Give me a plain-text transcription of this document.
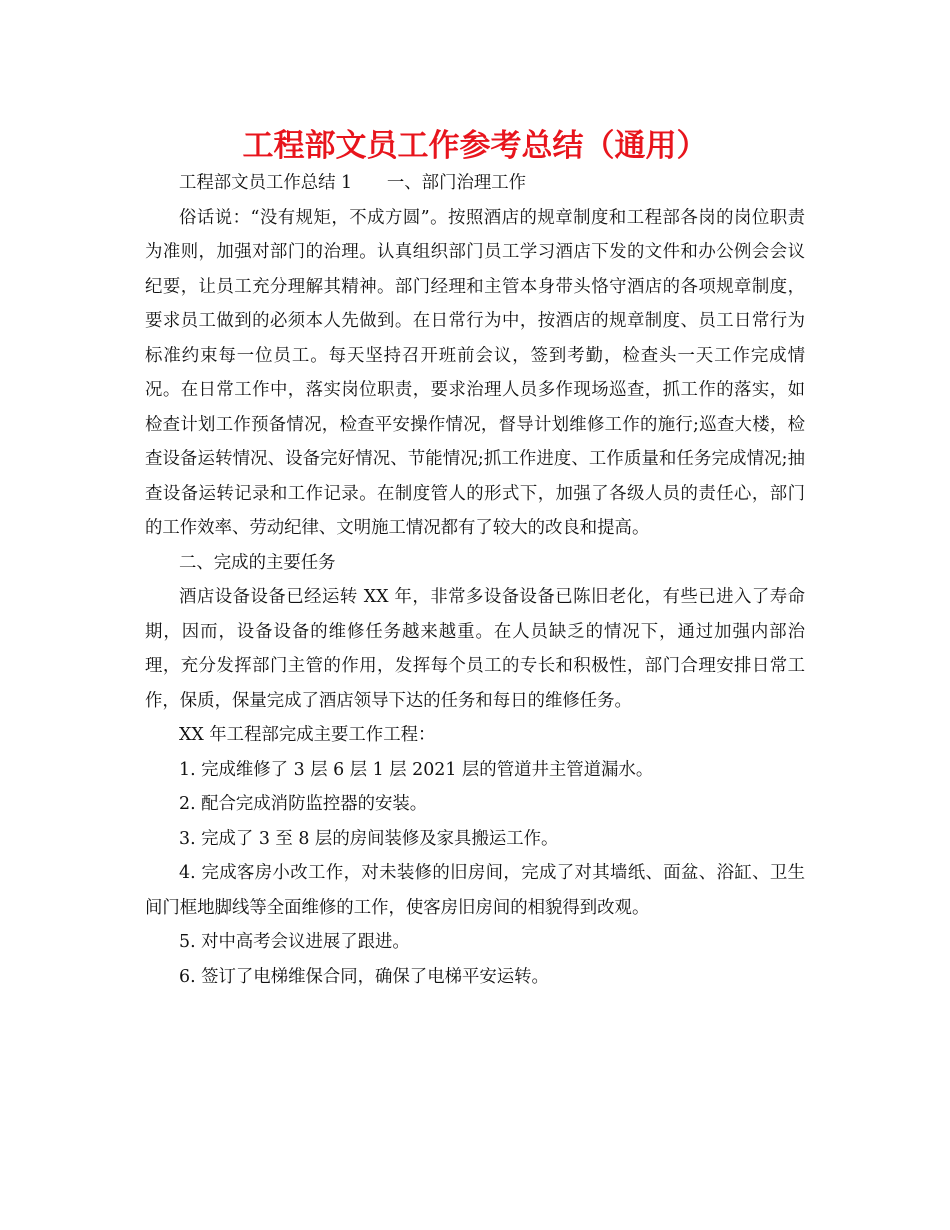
工程部文员工作参考总结（通用）

工程部文员工作总结 1　　一、部门治理工作

俗话说：“没有规矩，不成方圆”。按照酒店的规章制度和工程部各岗的岗位职责为准则，加强对部门的治理。认真组织部门员工学习酒店下发的文件和办公例会会议纪要，让员工充分理解其精神。部门经理和主管本身带头恪守酒店的各项规章制度，要求员工做到的必须本人先做到。在日常行为中，按酒店的规章制度、员工日常行为标准约束每一位员工。每天坚持召开班前会议，签到考勤，检查头一天工作完成情况。在日常工作中，落实岗位职责，要求治理人员多作现场巡查，抓工作的落实，如检查计划工作预备情况，检查平安操作情况，督导计划维修工作的施行;巡查大楼，检查设备运转情况、设备完好情况、节能情况;抓工作进度、工作质量和任务完成情况;抽查设备运转记录和工作记录。在制度管人的形式下，加强了各级人员的责任心，部门的工作效率、劳动纪律、文明施工情况都有了较大的改良和提高。

二、完成的主要任务

酒店设备设备已经运转 XX 年，非常多设备设备已陈旧老化，有些已进入了寿命期，因而，设备设备的维修任务越来越重。在人员缺乏的情况下，通过加强内部治理，充分发挥部门主管的作用，发挥每个员工的专长和积极性，部门合理安排日常工作，保质，保量完成了酒店领导下达的任务和每日的维修任务。

XX 年工程部完成主要工作工程：

1. 完成维修了 3 层 6 层 1 层 2021 层的管道井主管道漏水。

2. 配合完成消防监控器的安装。

3. 完成了 3 至 8 层的房间装修及家具搬运工作。

4. 完成客房小改工作，对未装修的旧房间，完成了对其墙纸、面盆、浴缸、卫生间门框地脚线等全面维修的工作，使客房旧房间的相貌得到改观。

5. 对中高考会议进展了跟进。

6. 签订了电梯维保合同，确保了电梯平安运转。
